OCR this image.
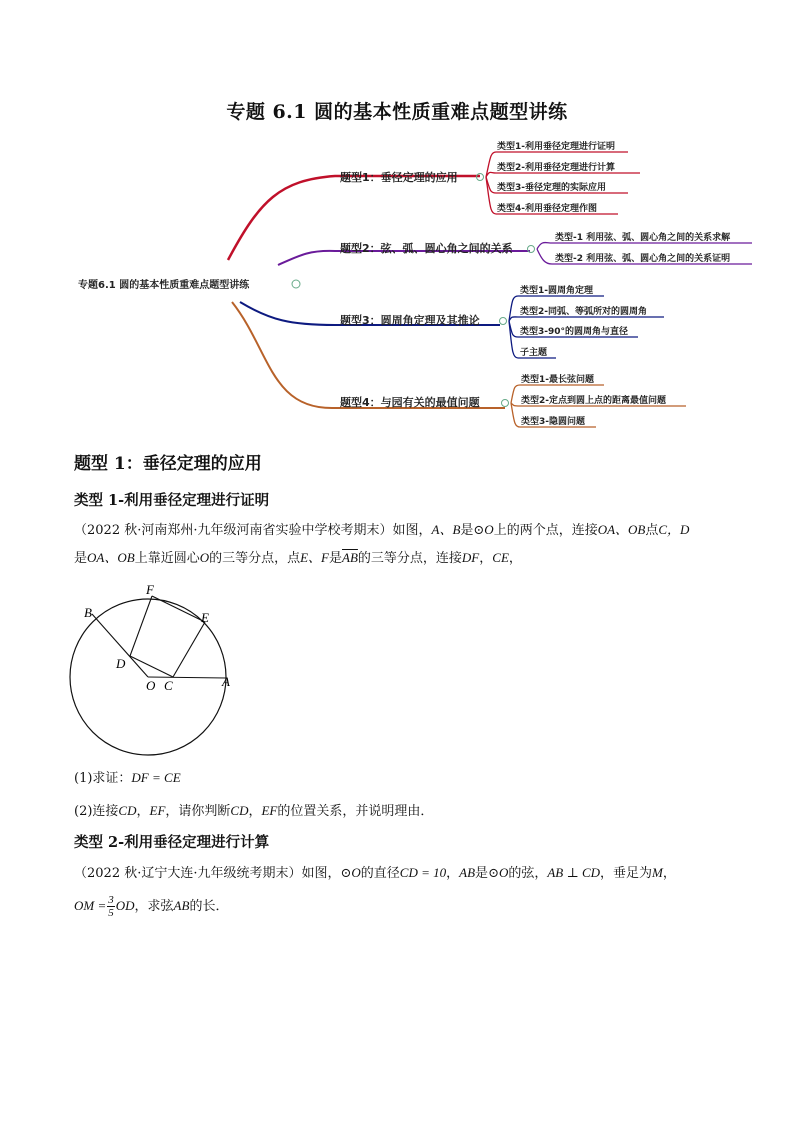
专题 6.1 圆的基本性质重难点题型讲练
专题6.1 圆的基本性质重难点题型讲练
题型1：垂径定理的应用
题型2：弦、弧、圆心角之间的关系
题型3：圆周角定理及其推论
题型4：与园有关的最值问题
类型1-利用垂径定理进行证明
类型2-利用垂径定理进行计算
类型3-垂径定理的实际应用
类型4-利用垂径定理作图
类型-1 利用弦、弧、圆心角之间的关系求解
类型-2 利用弦、弧、圆心角之间的关系证明
类型1-圆周角定理
类型2-同弧、等弧所对的圆周角
类型3-90°的圆周角与直径
子主题
类型1-最长弦问题
类型2-定点到圆上点的距离最值问题
类型3-隐圆问题
题型 1：垂径定理的应用
类型 1-利用垂径定理进行证明
（2022 秋·河南郑州·九年级河南省实验中学校考期末）如图，A、B是⊙O上的两个点，连接OA、OB点C，D
是OA、OB上靠近圆心O的三等分点，点E、F是$\overline{AB}$的三等分点，连接DF，CE，
B
F
E
D
O C	A
(1)求证：DF = CE
(2)连接CD，EF，请你判断CD，EF的位置关系，并说明理由．
类型 2-利用垂径定理进行计算
（2022 秋·辽宁大连·九年级统考期末）如图，⊙O的直径CD = 10，AB是⊙O的弦，AB ⊥ CD，垂足为M，
OM = $\frac{3}{5}$ OD，求弦AB的长．
